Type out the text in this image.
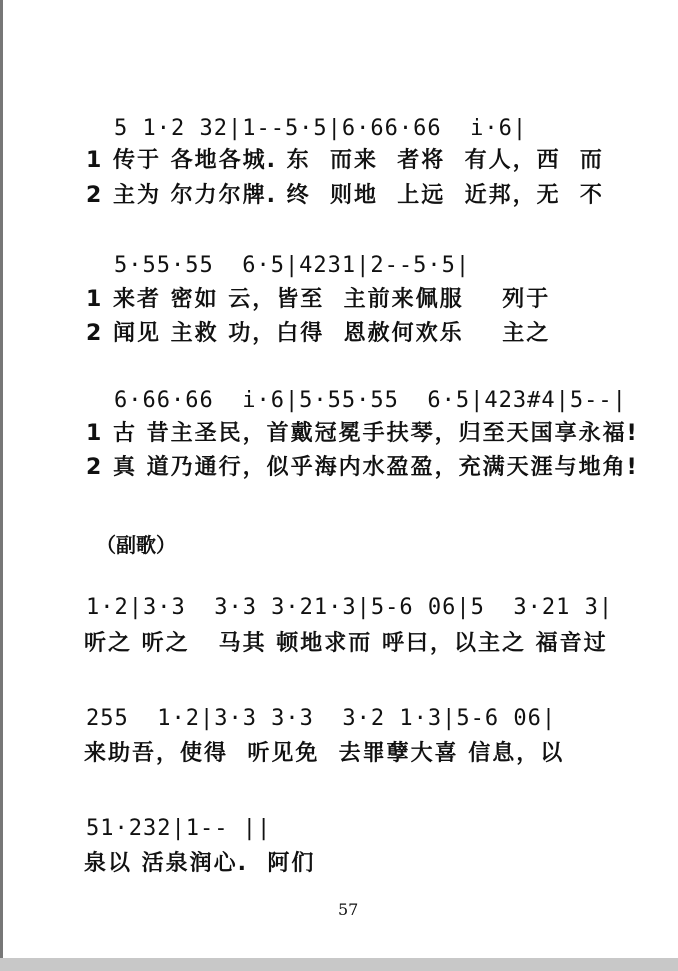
5 1·2 32|1--5·5|6·66·66  i·6|
1 传于 各地各城. 东  而来  者将  有人，西  而
2 主为 尔力尔牌. 终  则地  上远  近邦，无  不
5·55·55  6·5|4231|2--5·5|
1 来者 密如 云，皆至  主前来佩服    列于
2 闻见 主救 功，白得  恩赦何欢乐    主之
6·66·66  i·6|5·55·55  6·5|423#4|5--|
1 古 昔主圣民，首戴冠冕手扶琴，归至天国享永福!
2 真 道乃通行，似乎海内水盈盈，充满天涯与地角!
（副歌）
1·2|3·3  3·3 3·21·3|5-6 06|5  3·21 3|
听之 听之   马其 顿地求而 呼曰，以主之 福音过
255  1·2|3·3 3·3  3·2 1·3|5-6 06|
来助吾，使得  听见免  去罪孽大喜 信息，以
51·232|1-- ||
泉以 活泉润心.  阿们
57
